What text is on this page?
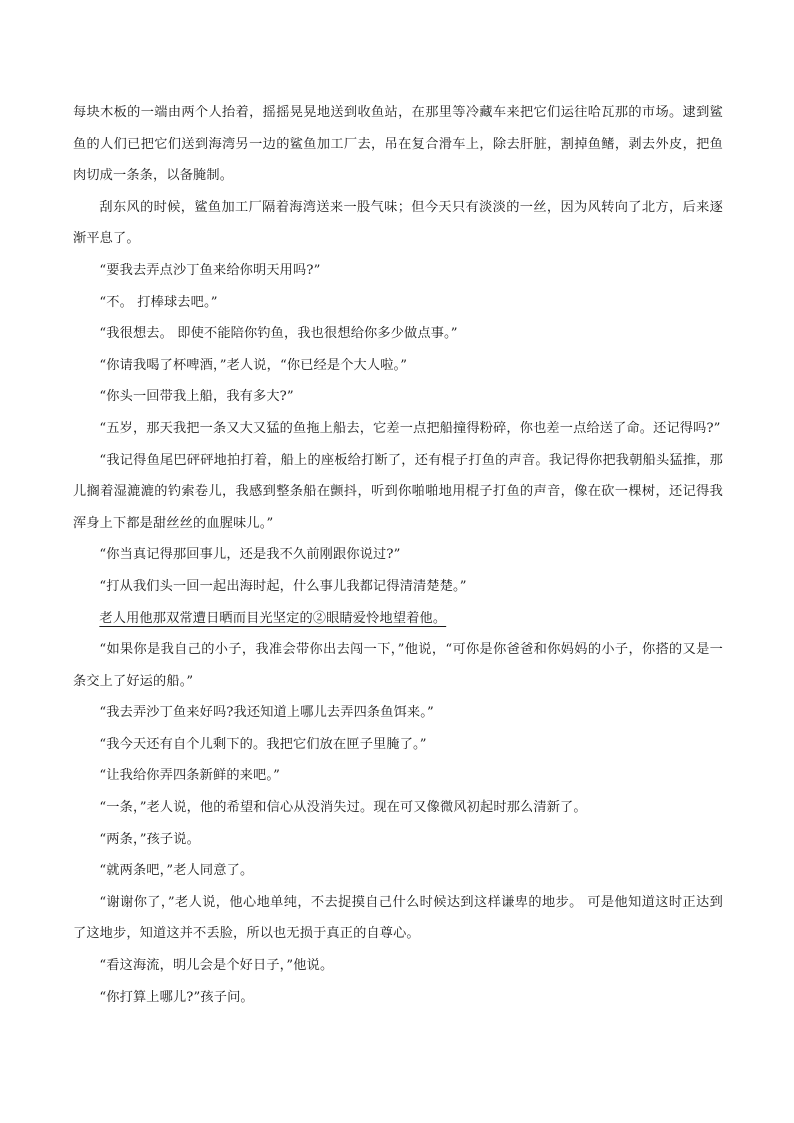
每块木板的一端由两个人抬着，摇摇晃晃地送到收鱼站，在那里等冷藏车来把它们运往哈瓦那的市场。逮到鲨鱼的人们已把它们送到海湾另一边的鲨鱼加工厂去，吊在复合滑车上，除去肝脏，割掉鱼鳍，剥去外皮，把鱼肉切成一条条，以备腌制。

刮东风的时候，鲨鱼加工厂隔着海湾送来一股气味；但今天只有淡淡的一丝，因为风转向了北方，后来逐渐平息了。

“要我去弄点沙丁鱼来给你明天用吗?”

“不。 打棒球去吧。”

“我很想去。 即使不能陪你钓鱼，我也很想给你多少做点事。”

“你请我喝了杯啤酒，”老人说，“你已经是个大人啦。”

“你头一回带我上船，我有多大?”

“五岁，那天我把一条又大又猛的鱼拖上船去，它差一点把船撞得粉碎，你也差一点给送了命。还记得吗?”

“我记得鱼尾巴砰砰地拍打着，船上的座板给打断了，还有棍子打鱼的声音。我记得你把我朝船头猛推，那儿搁着湿漉漉的钓索卷儿，我感到整条船在颤抖，听到你啪啪地用棍子打鱼的声音，像在砍一棵树，还记得我浑身上下都是甜丝丝的血腥味儿。”

“你当真记得那回事儿，还是我不久前刚跟你说过?”

“打从我们头一回一起出海时起，什么事儿我都记得清清楚楚。”

老人用他那双常遭日晒而目光坚定的②眼睛爱怜地望着他。

“如果你是我自己的小子，我准会带你出去闯一下，”他说，“可你是你爸爸和你妈妈的小子，你搭的又是一条交上了好运的船。”

“我去弄沙丁鱼来好吗?我还知道上哪儿去弄四条鱼饵来。”

“我今天还有自个儿剩下的。我把它们放在匣子里腌了。”

“让我给你弄四条新鲜的来吧。”

“一条，”老人说，他的希望和信心从没消失过。现在可又像微风初起时那么清新了。

“两条，”孩子说。

“就两条吧，”老人同意了。

“谢谢你了，”老人说，他心地单纯，不去捉摸自己什么时候达到这样谦卑的地步。 可是他知道这时正达到了这地步，知道这并不丢脸，所以也无损于真正的自尊心。

“看这海流，明儿会是个好日子，”他说。

“你打算上哪儿?”孩子问。
